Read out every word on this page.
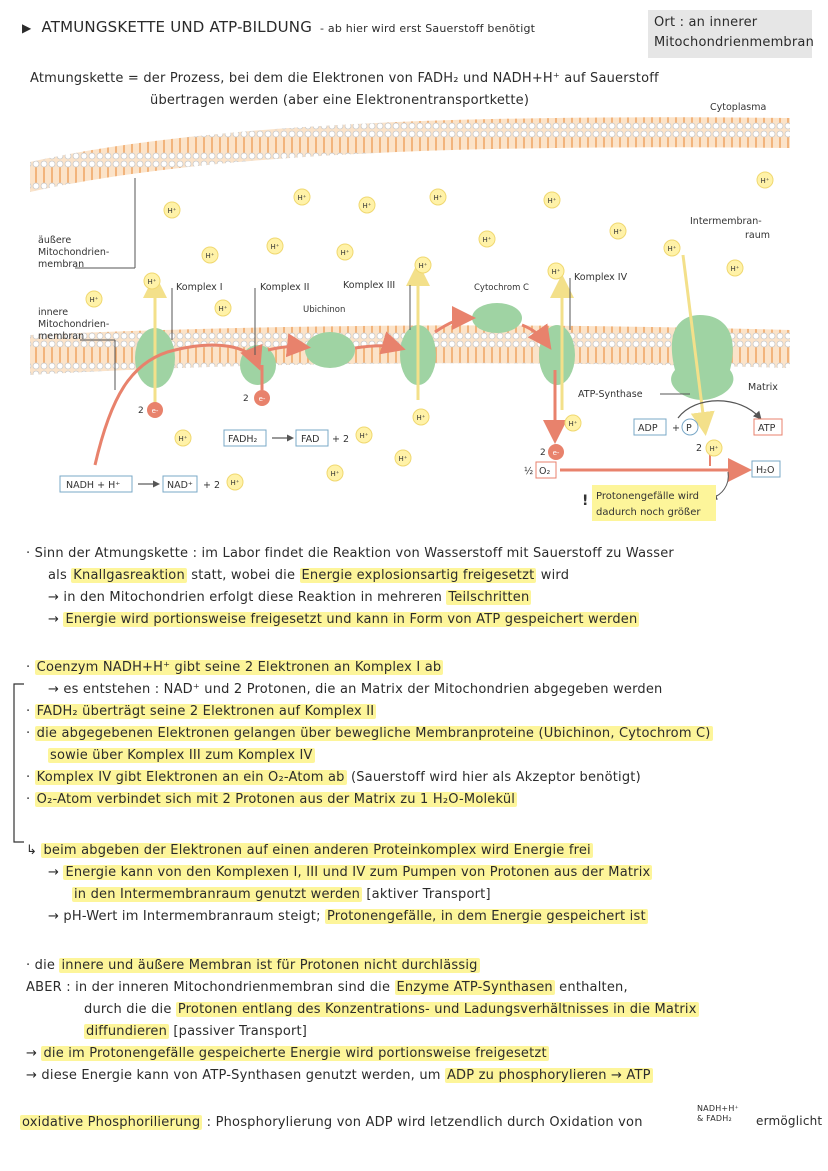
▶ ATMUNGSKETTE UND ATP-BILDUNG - ab hier wird erst Sauerstoff benötigt	Ort : an innerer
Mitochondrienmembran
Atmungskette = der Prozess, bei dem die Elektronen von FADH₂ und NADH+H⁺ auf Sauerstoff
übertragen werden (aber eine Elektronentransportkette)
H⁺
H⁺
H⁺
H⁺	H⁺
H⁺
H⁺
H⁺
H⁺
H⁺
H⁺
H⁺
H⁺
H⁺
H⁺
H⁺
H⁺
H⁺
H⁺
H⁺
H⁺
H⁺
H⁺
H⁺
H⁺
H⁺
e-
e-
e-
2
2
2
Cytoplasma
Intermembran-
raum
äußere
Mitochondrien-
membran
innere
Mitochondrien-
membran
Matrix
Komplex I	Komplex II	Komplex III
Komplex IV
ATP-Synthase
Ubichinon
Cytochrom C
NADH + H⁺	NAD⁺ + 2
FADH₂	FAD + 2
ADP + P	ATP
2
½ O₂	H₂O
! Protonengefälle wird
dadurch noch größer
· Sinn der Atmungskette : im Labor findet die Reaktion von Wasserstoff mit Sauerstoff zu Wasser
als Knallgasreaktion statt, wobei die Energie explosionsartig freigesetzt wird
→ in den Mitochondrien erfolgt diese Reaktion in mehreren Teilschritten
→ Energie wird portionsweise freigesetzt und kann in Form von ATP gespeichert werden
· Coenzym NADH+H⁺ gibt seine 2 Elektronen an Komplex I ab
→ es entstehen : NAD⁺ und 2 Protonen, die an Matrix der Mitochondrien abgegeben werden
· FADH₂ überträgt seine 2 Elektronen auf Komplex II
· die abgegebenen Elektronen gelangen über bewegliche Membranproteine (Ubichinon, Cytochrom C)
sowie über Komplex III zum Komplex IV
· Komplex IV gibt Elektronen an ein O₂-Atom ab (Sauerstoff wird hier als Akzeptor benötigt)
· O₂-Atom verbindet sich mit 2 Protonen aus der Matrix zu 1 H₂O-Molekül
↳ beim abgeben der Elektronen auf einen anderen Proteinkomplex wird Energie frei
→ Energie kann von den Komplexen I, III und IV zum Pumpen von Protonen aus der Matrix
in den Intermembranraum genutzt werden [aktiver Transport]
→ pH-Wert im Intermembranraum steigt; Protonengefälle, in dem Energie gespeichert ist
· die innere und äußere Membran ist für Protonen nicht durchlässig
ABER : in der inneren Mitochondrienmembran sind die Enzyme ATP-Synthasen enthalten,
durch die die Protonen entlang des Konzentrations- und Ladungsverhältnisses in die Matrix
diffundieren [passiver Transport]
→ die im Protonengefälle gespeicherte Energie wird portionsweise freigesetzt
→ diese Energie kann von ATP-Synthasen genutzt werden, um ADP zu phosphorylieren → ATP
oxidative Phosphorilierung : Phosphorylierung von ADP wird letzendlich durch Oxidation von
NADH+H⁺
& FADH₂	ermöglicht
